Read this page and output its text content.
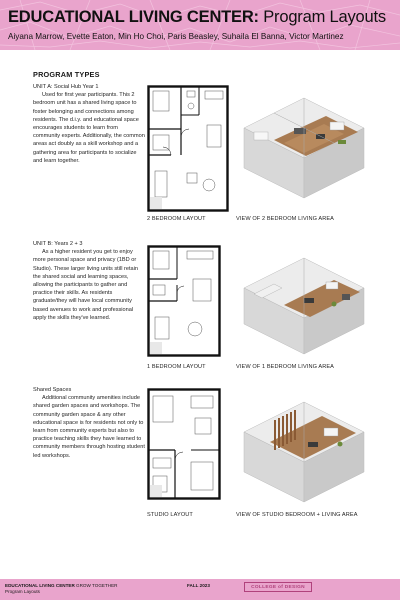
EDUCATIONAL LIVING CENTER: Program Layouts
Aiyana Marrow, Evette Eaton, Min Ho Choi, Paris Beasley, Suhaila El Banna, Victor Martinez
PROGRAM TYPES
UNIT A: Social Hub Year 1
Used for first year participants. This 2 bedroom unit has a shared living space to foster belonging and connections among residents. The d.i.y. and educational space encourages students to learn from community experts. Additionally, the common areas act doubly as a skill workshop and a gathering area for participants to socialize and learn together.
2 BEDROOM LAYOUT	VIEW OF 2 BEDROOM LIVING AREA
UNIT B: Years 2 + 3
As a higher resident you get to enjoy more personal space and privacy (1BD or Studio). These larger living units still retain the shared social and learning spaces, allowing the participants to gather and practice their skills. As residents graduate/they will have local community based avenues to work and professional apply the skills they've learned.
1 BEDROOM LAYOUT	VIEW OF 1 BEDROOM LIVING AREA
Shared Spaces
Additional community amenities include shared garden spaces and workshops. The community garden space & any other educational space is for residents not only to learn from community experts but also to practice teaching skills they have learned to community members through hosting student led workshops.
STUDIO LAYOUT	VIEW OF STUDIO BEDROOM + LIVING AREA
EDUCATIONAL LIVING CENTER GROW TOGETHER
Program Layouts
FALL 2023	COLLEGE of DESIGN
